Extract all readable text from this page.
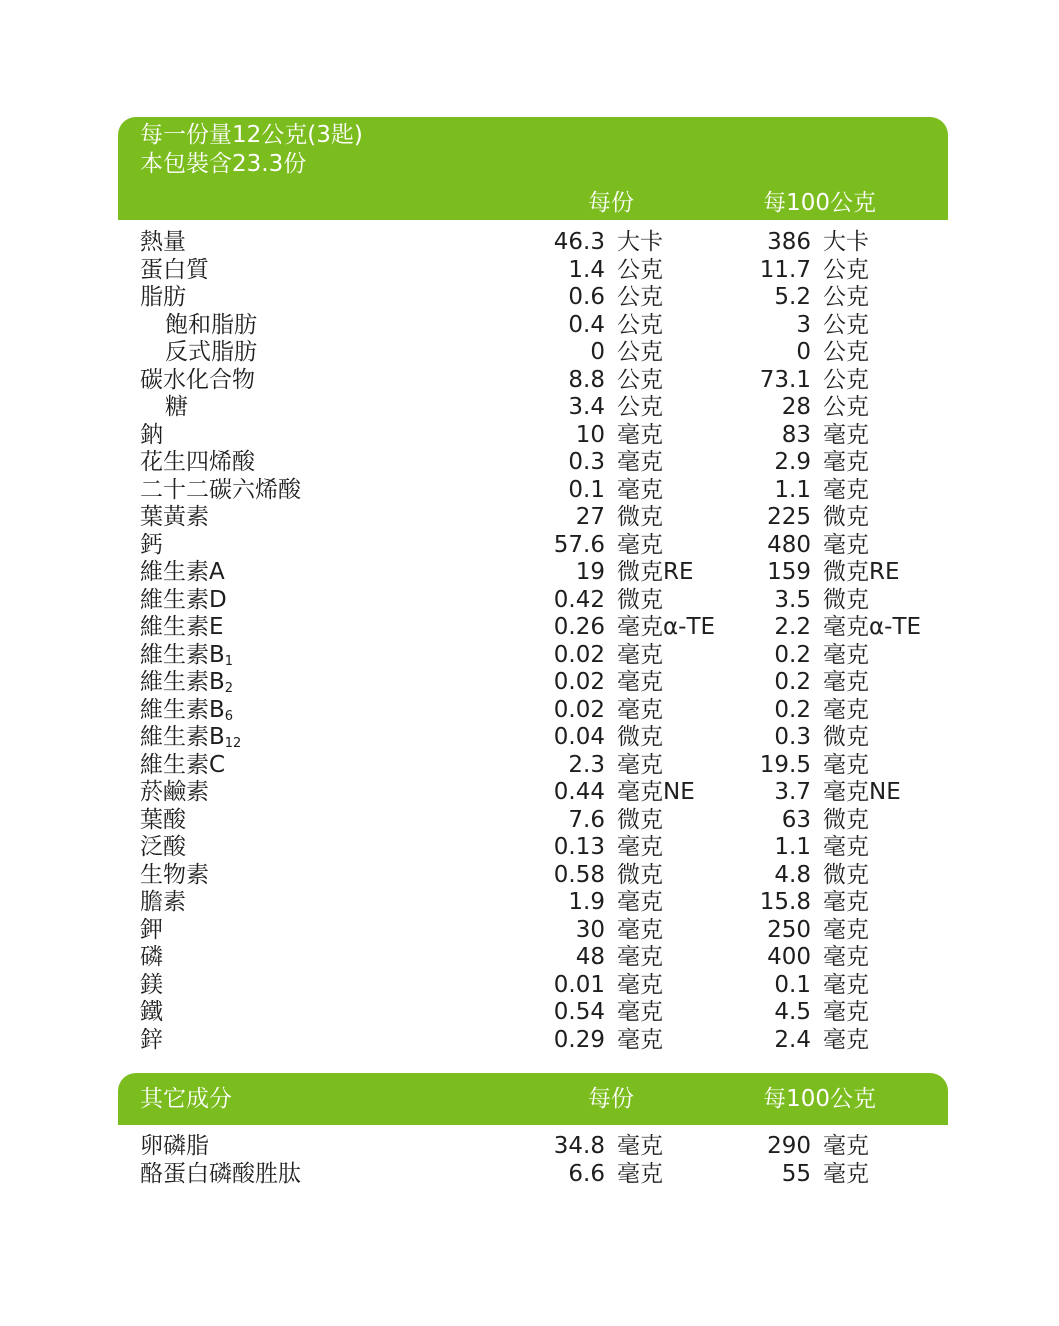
每一份量12公克(3匙)
本包裝含23.3份
每份	每100公克
熱量	46.3 大卡	386 大卡
蛋白質	1.4 公克	11.7 公克
脂肪	0.6 公克	5.2 公克
飽和脂肪	0.4 公克	3 公克
反式脂肪	0 公克	0 公克
碳水化合物	8.8 公克	73.1 公克
糖	3.4 公克	28 公克
鈉	10 毫克	83 毫克
花生四烯酸	0.3 毫克	2.9 毫克
二十二碳六烯酸	0.1 毫克	1.1 毫克
葉黃素	27 微克	225 微克
鈣	57.6 毫克	480 毫克
維生素A	19 微克RE	159 微克RE
維生素D	0.42 微克	3.5 微克
維生素E	0.26 毫克α-TE	2.2 毫克α-TE
維生素B1	0.02 毫克	0.2 毫克
維生素B2	0.02 毫克	0.2 毫克
維生素B6	0.02 毫克	0.2 毫克
維生素B12	0.04 微克	0.3 微克
維生素C	2.3 毫克	19.5 毫克
菸鹼素	0.44 毫克NE	3.7 毫克NE
葉酸	7.6 微克	63 微克
泛酸	0.13 毫克	1.1 毫克
生物素	0.58 微克	4.8 微克
膽素	1.9 毫克	15.8 毫克
鉀	30 毫克	250 毫克
磷	48 毫克	400 毫克
鎂	0.01 毫克	0.1 毫克
鐵	0.54 毫克	4.5 毫克
鋅	0.29 毫克	2.4 毫克
其它成分	每份	每100公克
卵磷脂	34.8 毫克	290 毫克
酪蛋白磷酸胜肽	6.6 毫克	55 毫克
